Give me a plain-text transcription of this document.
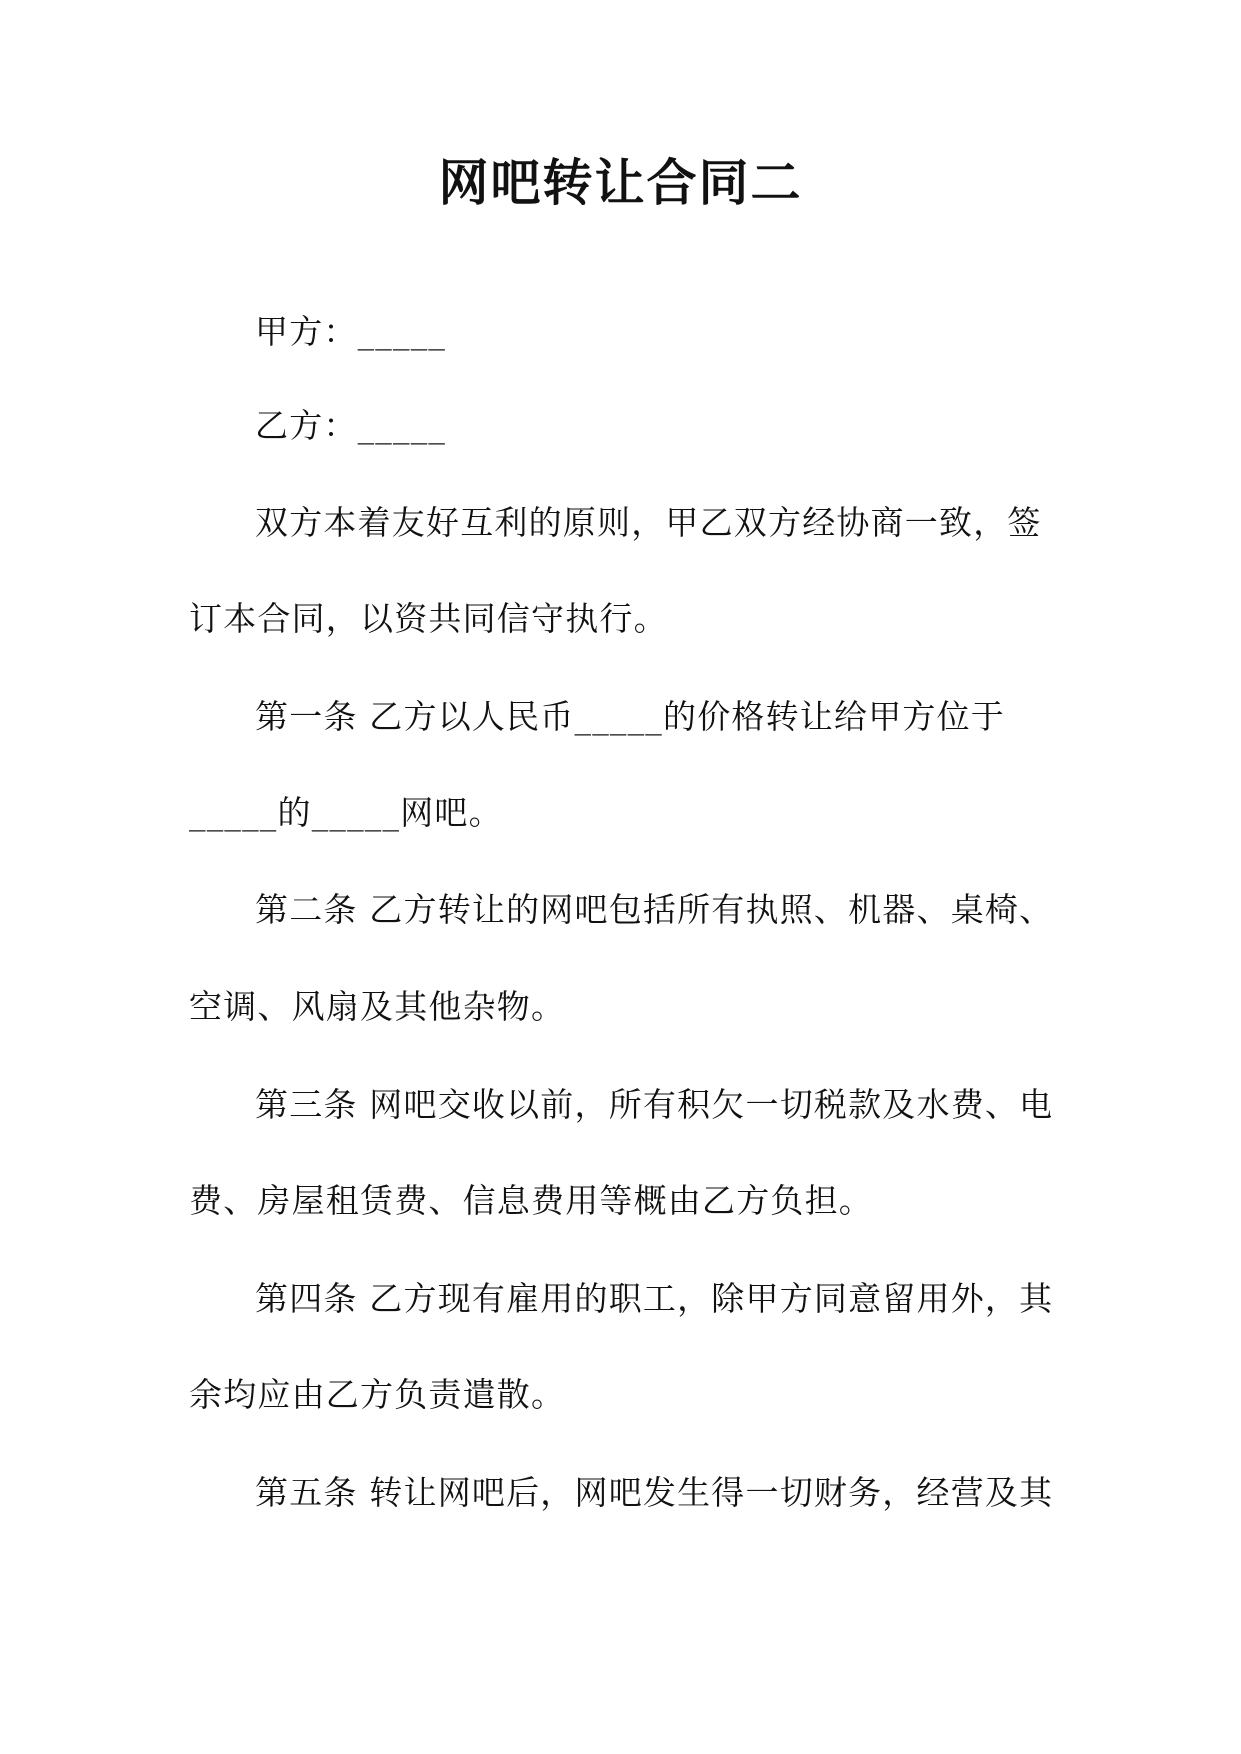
网吧转让合同二
甲方：_____
乙方：_____
双方本着友好互利的原则，甲乙双方经协商一致，签
订本合同，以资共同信守执行。
第一条 乙方以人民币_____的价格转让给甲方位于
_____的_____网吧。
第二条 乙方转让的网吧包括所有执照、机器、桌椅、
空调、风扇及其他杂物。
第三条 网吧交收以前，所有积欠一切税款及水费、电
费、房屋租赁费、信息费用等概由乙方负担。
第四条 乙方现有雇用的职工，除甲方同意留用外，其
余均应由乙方负责遣散。
第五条 转让网吧后，网吧发生得一切财务，经营及其
